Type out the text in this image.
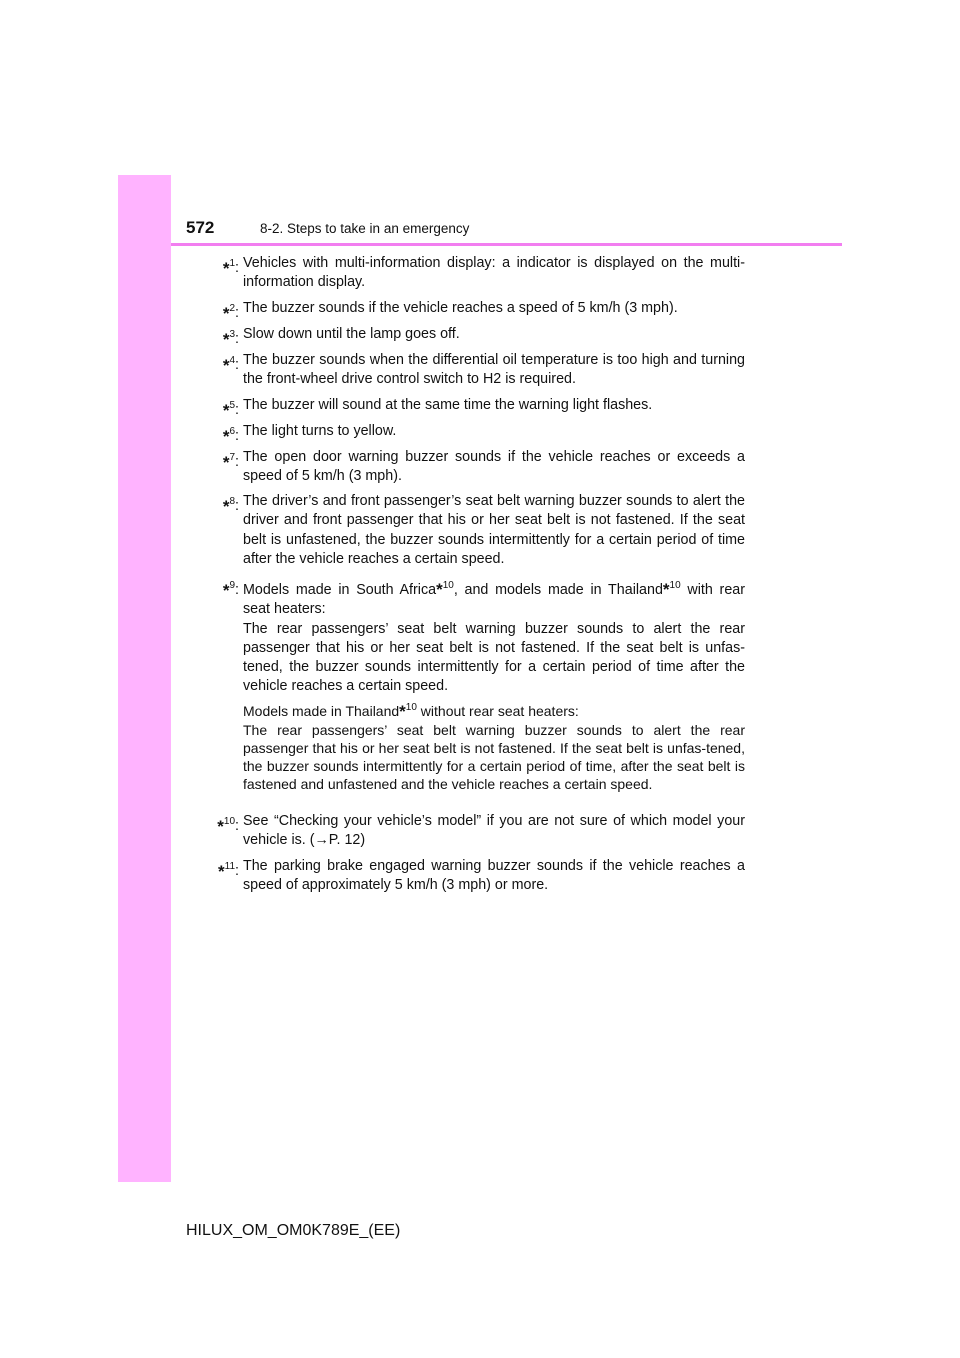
572	8-2. Steps to take in an emergency
*$^1$: Vehicles with multi-information display: a indicator is displayed on the multi-information display.
*$^2$: The buzzer sounds if the vehicle reaches a speed of 5 km/h (3 mph).
*$^3$: Slow down until the lamp goes off.
*$^4$: The buzzer sounds when the differential oil temperature is too high and turning the front-wheel drive control switch to H2 is required.
*$^5$: The buzzer will sound at the same time the warning light flashes.
*$^6$: The light turns to yellow.
*$^7$: The open door warning buzzer sounds if the vehicle reaches or exceeds a speed of 5 km/h (3 mph).
*$^8$: The driver’s and front passenger’s seat belt warning buzzer sounds to alert the driver and front passenger that his or her seat belt is not fastened. If the seat belt is unfastened, the buzzer sounds intermittently for a certain period of time after the vehicle reaches a certain speed.
*$^9$: Models made in South Africa*$^{10}$, and models made in Thailand*$^{10}$ with rear seat heaters:
The rear passengers’ seat belt warning buzzer sounds to alert the rear passenger that his or her seat belt is not fastened. If the seat belt is unfas-tened, the buzzer sounds intermittently for a certain period of time after the vehicle reaches a certain speed.
Models made in Thailand*$^{10}$ without rear seat heaters:
The rear passengers’ seat belt warning buzzer sounds to alert the rear passenger that his or her seat belt is not fastened. If the seat belt is unfas-tened, the buzzer sounds intermittently for a certain period of time, after the seat belt is fastened and unfastened and the vehicle reaches a certain speed.
*$^{10}$: See “Checking your vehicle’s model” if you are not sure of which model your vehicle is. (→P. 12)
*$^{11}$: The parking brake engaged warning buzzer sounds if the vehicle reaches a speed of approximately 5 km/h (3 mph) or more.
HILUX_OM_OM0K789E_(EE)
